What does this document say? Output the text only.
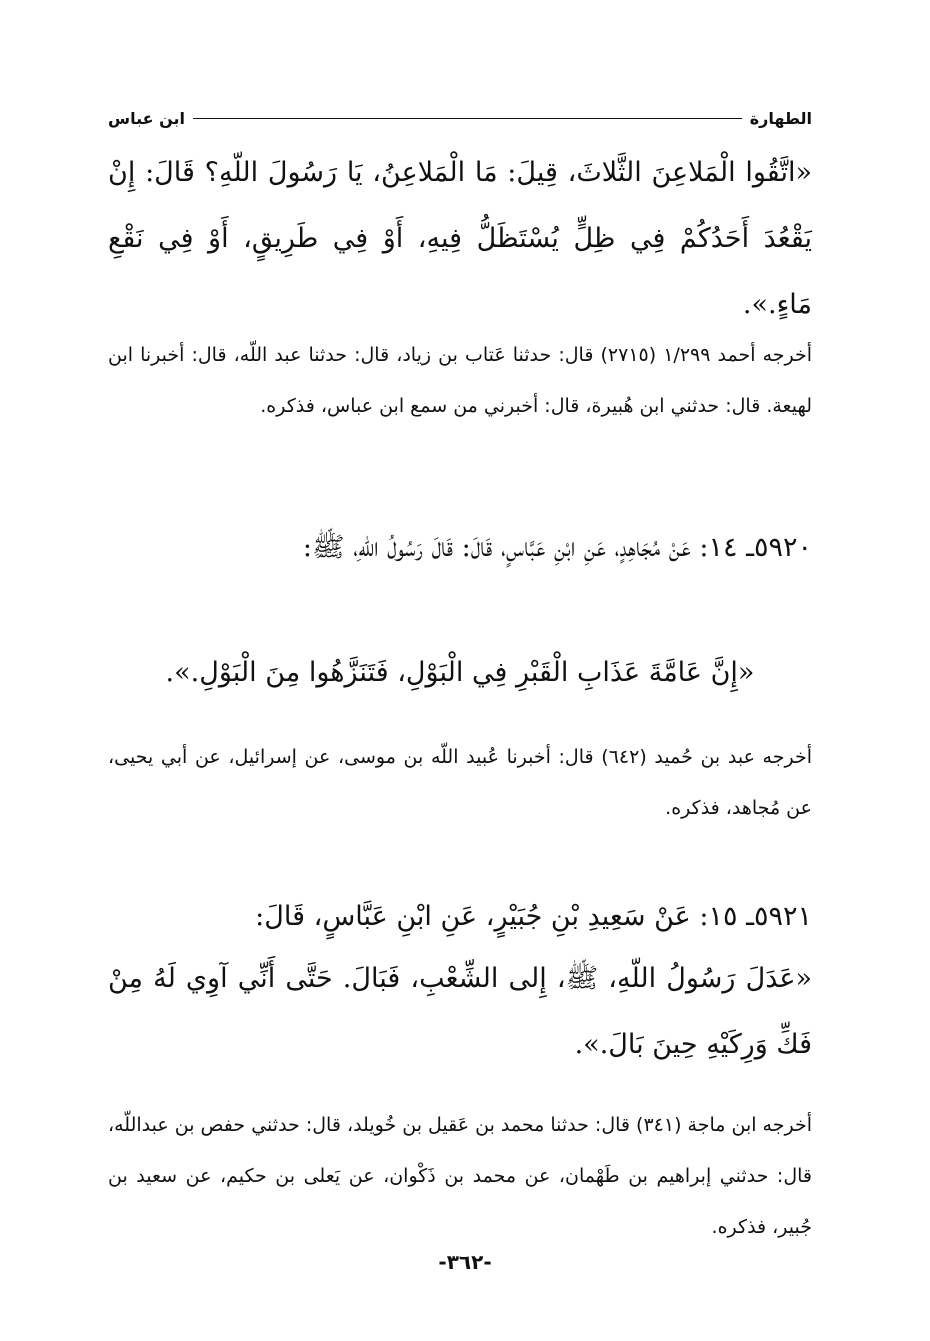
الطهارة
ابن عباس

«اتَّقُوا الْمَلاعِنَ الثَّلاثَ، قِيلَ: مَا الْمَلاعِنُ، يَا رَسُولَ اللّهِ؟ قَالَ: إِنْ يَقْعُدَ أَحَدُكُمْ فِي ظِلٍّ يُسْتَظَلُّ فِيهِ، أَوْ فِي طَرِيقٍ، أَوْ فِي نَقْعِ مَاءٍ.».

أخرجه أحمد ١/٢٩٩ (٢٧١٥) قال: حدثنا عَتاب بن زياد، قال: حدثنا عبد اللّه، قال: أخبرنا ابن لهيعة. قال: حدثني ابن هُبيرة، قال: أخبرني من سمع ابن عباس، فذكره.

٥٩٢٠ـ ١٤: عَنْ مُجَاهِدٍ، عَنِ ابْنِ عَبَّاسٍ، قَالَ: قَالَ رَسُولُ اللّهِ، ﷺ:

«إِنَّ عَامَّةَ عَذَابِ الْقَبْرِ فِي الْبَوْلِ، فَتَنَزَّهُوا مِنَ الْبَوْلِ.».

أخرجه عبد بن حُميد (٦٤٢) قال: أخبرنا عُبيد اللّه بن موسى، عن إسرائيل، عن أبي يحيى، عن مُجاهد، فذكره.

٥٩٢١ـ ١٥: عَنْ سَعِيدِ بْنِ جُبَيْرٍ، عَنِ ابْنِ عَبَّاسٍ، قَالَ:

«عَدَلَ رَسُولُ اللّهِ، ﷺ، إِلى الشِّعْبِ، فَبَالَ. حَتَّى أَنِّي آوِي لَهُ مِنْ فَكِّ وَرِكَيْهِ حِينَ بَالَ.».

أخرجه ابن ماجة (٣٤١) قال: حدثنا محمد بن عَقيل بن خُويلد، قال: حدثني حفص بن عبداللّه، قال: حدثني إبراهيم بن طَهْمان، عن محمد بن ذَكْوان، عن يَعلى بن حكيم، عن سعيد بن جُبير، فذكره.

-٣٦٢-
